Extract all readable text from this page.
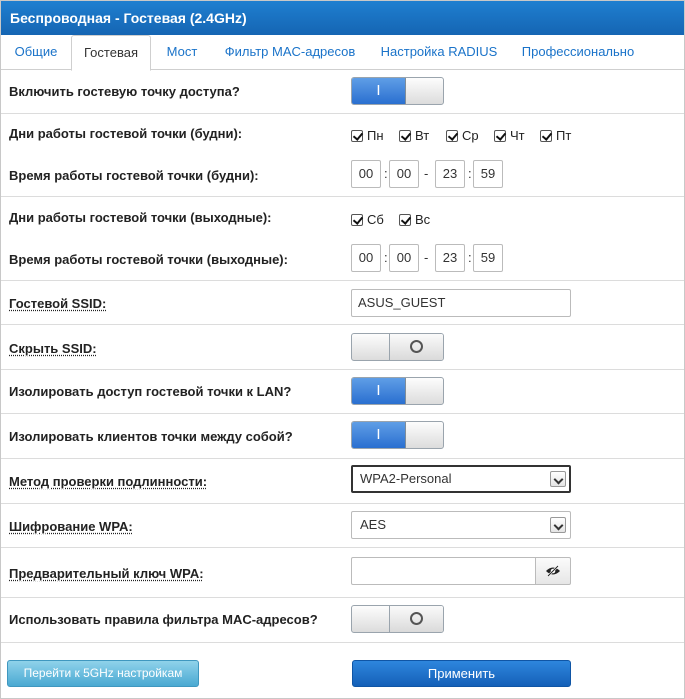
Беспроводная - Гостевая (2.4GHz)
Общие	Гостевая	Мост	Фильтр MAC-адресов	Настройка RADIUS	Профессионально
Включить гостевую точку доступа?	I
Дни работы гостевой точки (будни):	Пн	Вт	Ср	Чт	Пт
Время работы гостевой точки (будни):	00 : 00 -	23 : 59
Дни работы гостевой точки (выходные):	Сб	Вс
Время работы гостевой точки (выходные):	00 : 00 -	23 : 59
Гостевой SSID:	ASUS_GUEST
Скрыть SSID:
Изолировать доступ гостевой точки к LAN?	I
Изолировать клиентов точки между собой?	I
Метод проверки подлинности:	WPA2-Personal
Шифрование WPA:	AES
Предварительный ключ WPA:
Использовать правила фильтра MAC-адресов?
Перейти к 5GHz настройкам	Применить
